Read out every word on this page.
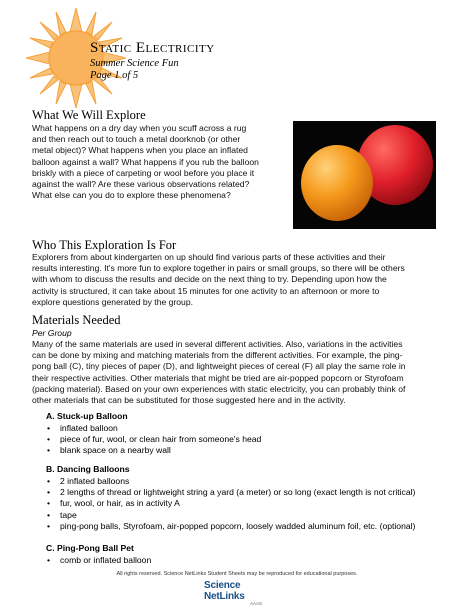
Static Electricity
Summer Science Fun
Page 1 of 5
What We Will Explore
What happens on a dry day when you scuff across a rug
and then reach out to touch a metal doorknob (or other
metal object)? What happens when you place an inflated
balloon against a wall? What happens if you rub the balloon
briskly with a piece of carpeting or wool before you place it
against the wall? Are these various observations related?
What else can you do to explore these phenomena?
Who This Exploration Is For
Explorers from about kindergarten on up should find various parts of these activities and their
results interesting. It's more fun to explore together in pairs or small groups, so there will be others
with whom to discuss the results and decide on the next thing to try. Depending upon how the
activity is structured, it can take about 15 minutes for one activity to an afternoon or more to
explore questions generated by the group.
Materials Needed
Per Group
Many of the same materials are used in several different activities. Also, variations in the activities
can be done by mixing and matching materials from the different activities. For example, the ping-
pong ball (C), tiny pieces of paper (D), and lightweight pieces of cereal (F) all play the same role in
their respective activities. Other materials that might be tried are air-popped popcorn or Styrofoam
(packing material). Based on your own experiences with static electricity, you can probably think of
other materials that can be substituted for those suggested here and in the activity.
A. Stuck-up Balloon
• inflated balloon
• piece of fur, wool, or clean hair from someone's head
• blank space on a nearby wall
B. Dancing Balloons
• 2 inflated balloons
• 2 lengths of thread or lightweight string a yard (a meter) or so long (exact length is not critical)
• fur, wool, or hair, as in activity A
• tape
• ping-pong balls, Styrofoam, air-popped popcorn, loosely wadded aluminum foil, etc. (optional)
C. Ping-Pong Ball Pet
• comb or inflated balloon
All rights reserved. Science NetLinks Student Sheets may be reproduced for educational purposes.
Science NetLinks
AAAS
